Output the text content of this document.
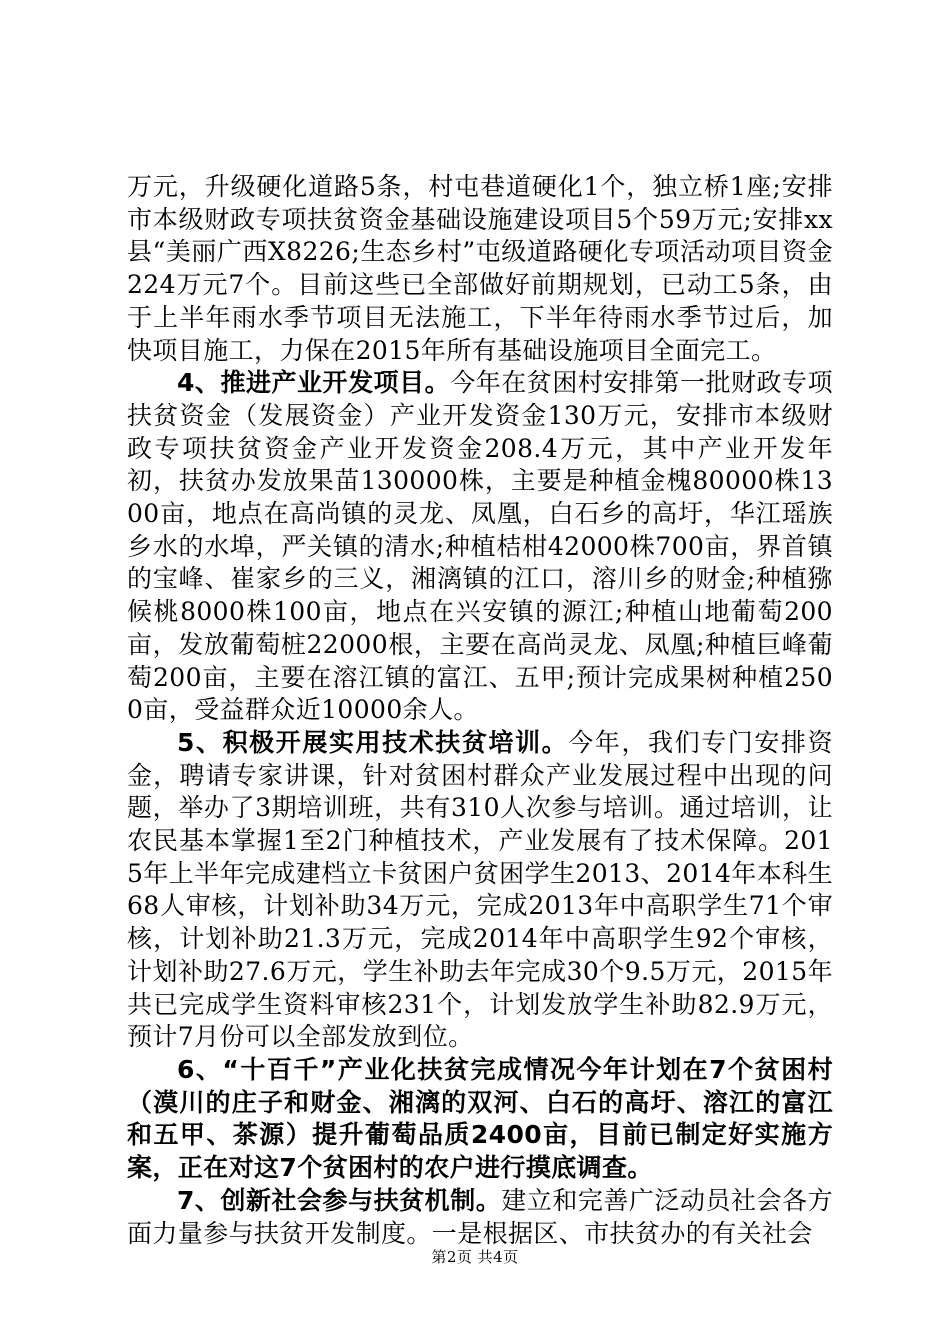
万元，升级硬化道路5条，村屯巷道硬化1个，独立桥1座;安排市本级财政专项扶贫资金基础设施建设项目5个59万元;安排xx县“美丽广西X8226;生态乡村”屯级道路硬化专项活动项目资金224万元7个。目前这些已全部做好前期规划，已动工5条，由于上半年雨水季节项目无法施工，下半年待雨水季节过后，加快项目施工，力保在2015年所有基础设施项目全面完工。

4、推进产业开发项目。今年在贫困村安排第一批财政专项扶贫资金（发展资金）产业开发资金130万元，安排市本级财政专项扶贫资金产业开发资金208.4万元，其中产业开发年初，扶贫办发放果苗130000株，主要是种植金槐80000株1300亩，地点在高尚镇的灵龙、凤凰，白石乡的高圩，华江瑶族乡水的水埠，严关镇的清水;种植桔柑42000株700亩，界首镇的宝峰、崔家乡的三义，湘漓镇的江口，溶川乡的财金;种植猕候桃8000株100亩，地点在兴安镇的源江;种植山地葡萄200亩，发放葡萄桩22000根，主要在高尚灵龙、凤凰;种植巨峰葡萄200亩，主要在溶江镇的富江、五甲;预计完成果树种植2500亩，受益群众近10000余人。

5、积极开展实用技术扶贫培训。今年，我们专门安排资金，聘请专家讲课，针对贫困村群众产业发展过程中出现的问题，举办了3期培训班，共有310人次参与培训。通过培训，让农民基本掌握1至2门种植技术，产业发展有了技术保障。2015年上半年完成建档立卡贫困户贫困学生2013、2014年本科生68人审核，计划补助34万元，完成2013年中高职学生71个审核，计划补助21.3万元，完成2014年中高职学生92个审核，计划补助27.6万元，学生补助去年完成30个9.5万元，2015年共已完成学生资料审核231个，计划发放学生补助82.9万元，预计7月份可以全部发放到位。

6、“十百千”产业化扶贫完成情况今年计划在7个贫困村（漠川的庄子和财金、湘漓的双河、白石的高圩、溶江的富江和五甲、茶源）提升葡萄品质2400亩，目前已制定好实施方案，正在对这7个贫困村的农户进行摸底调查。

7、创新社会参与扶贫机制。建立和完善广泛动员社会各方面力量参与扶贫开发制度。一是根据区、市扶贫办的有关社会

第2页 共4页
